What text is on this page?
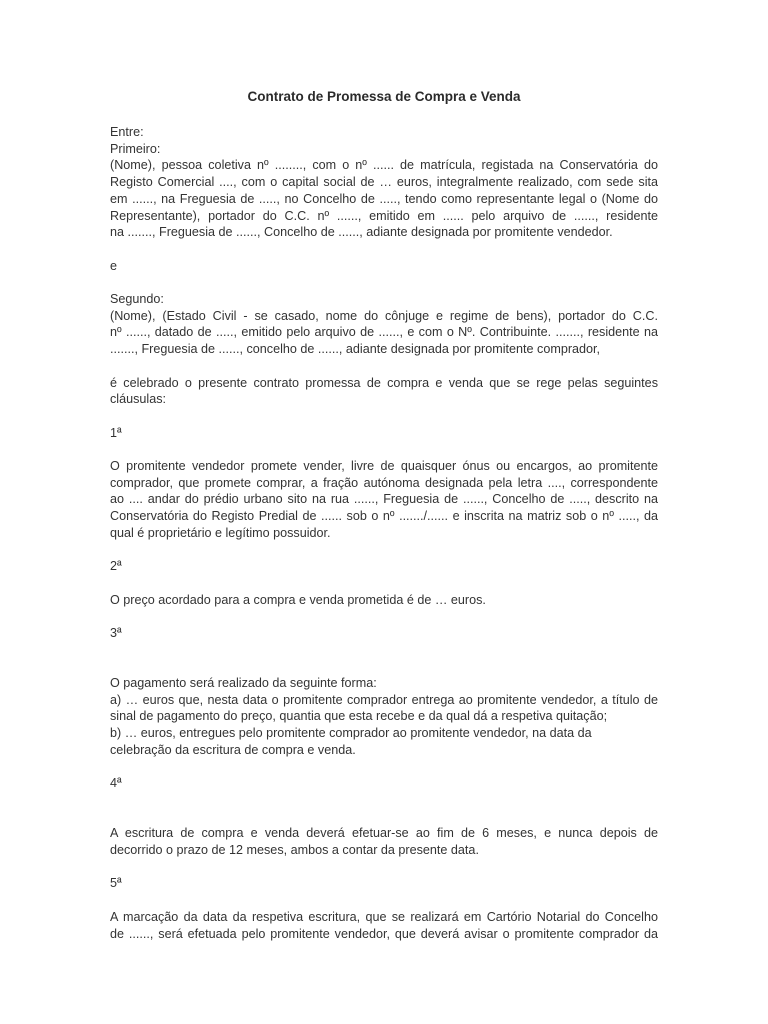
Contrato de Promessa de Compra e Venda

Entre:

Primeiro:

(Nome), pessoa coletiva nº ........, com o nº ...... de matrícula, registada na Conservatória do
Registo Comercial ...., com o capital social de … euros, integralmente realizado, com sede sita
em ......, na Freguesia de ....., no Concelho de ....., tendo como representante legal o (Nome do
Representante), portador do C.C. nº ......, emitido em ...... pelo arquivo de ......, residente
na ......., Freguesia de ......, Concelho de ......, adiante designada por promitente vendedor.

e

Segundo:

(Nome), (Estado Civil - se casado, nome do cônjuge e regime de bens), portador do C.C.
nº ......, datado de ....., emitido pelo arquivo de ......, e com o Nº. Contribuinte. ......., residente na
......., Freguesia de ......, concelho de ......, adiante designada por promitente comprador,

é celebrado o presente contrato promessa de compra e venda que se rege pelas seguintes
cláusulas:

1ª

O promitente vendedor promete vender, livre de quaisquer ónus ou encargos, ao promitente
comprador, que promete comprar, a fração autónoma designada pela letra ...., correspondente
ao .... andar do prédio urbano sito na rua ......, Freguesia de ......, Concelho de ....., descrito na
Conservatória do Registo Predial de ...... sob o nº ......./...... e inscrita na matriz sob o nº ....., da
qual é proprietário e legítimo possuidor.

2ª

O preço acordado para a compra e venda prometida é de … euros.

3ª

O pagamento será realizado da seguinte forma:
a) … euros que, nesta data o promitente comprador entrega ao promitente vendedor, a título de
sinal de pagamento do preço, quantia que esta recebe e da qual dá a respetiva quitação;
b) … euros, entregues pelo promitente comprador ao promitente vendedor, na data da
celebração da escritura de compra e venda.

4ª

A escritura de compra e venda deverá efetuar-se ao fim de 6 meses, e nunca depois de
decorrido o prazo de 12 meses, ambos a contar da presente data.

5ª

A marcação da data da respetiva escritura, que se realizará em Cartório Notarial do Concelho
de ......, será efetuada pelo promitente vendedor, que deverá avisar o promitente comprador da
